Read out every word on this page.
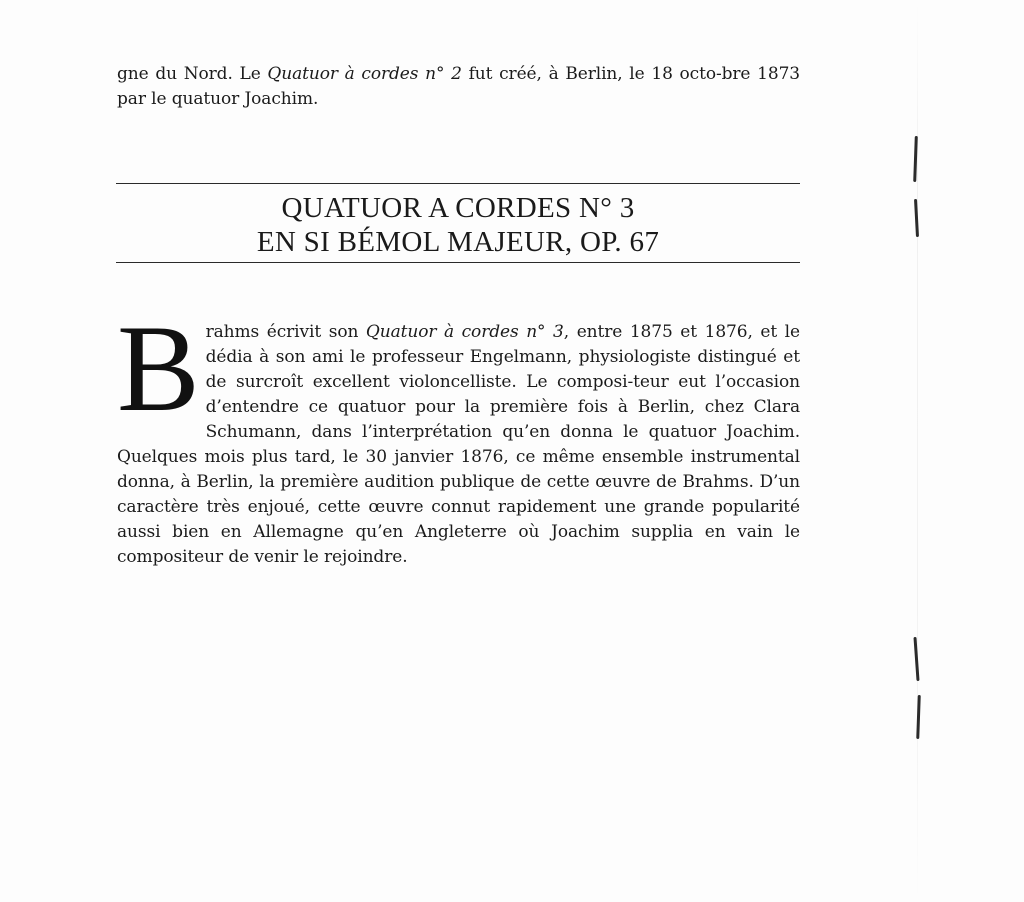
gne du Nord. Le Quatuor à cordes n° 2 fut créé, à Berlin, le 18 octo-bre 1873 par le quatuor Joachim.

QUATUOR A CORDES N° 3
EN SI BÉMOL MAJEUR, OP. 67

Brahms écrivit son Quatuor à cordes n° 3, entre 1875 et 1876, et le dédia à son ami le professeur Engelmann, physiologiste distingué et de surcroît excellent violoncelliste. Le composi-teur eut l’occasion d’entendre ce quatuor pour la première fois à Berlin, chez Clara Schumann, dans l’interprétation qu’en donna le quatuor Joachim. Quelques mois plus tard, le 30 janvier 1876, ce même ensemble instrumental donna, à Berlin, la première audition publique de cette œuvre de Brahms. D’un caractère très enjoué, cette œuvre connut rapidement une grande popularité aussi bien en Allemagne qu’en Angleterre où Joachim supplia en vain le compositeur de venir le rejoindre.
